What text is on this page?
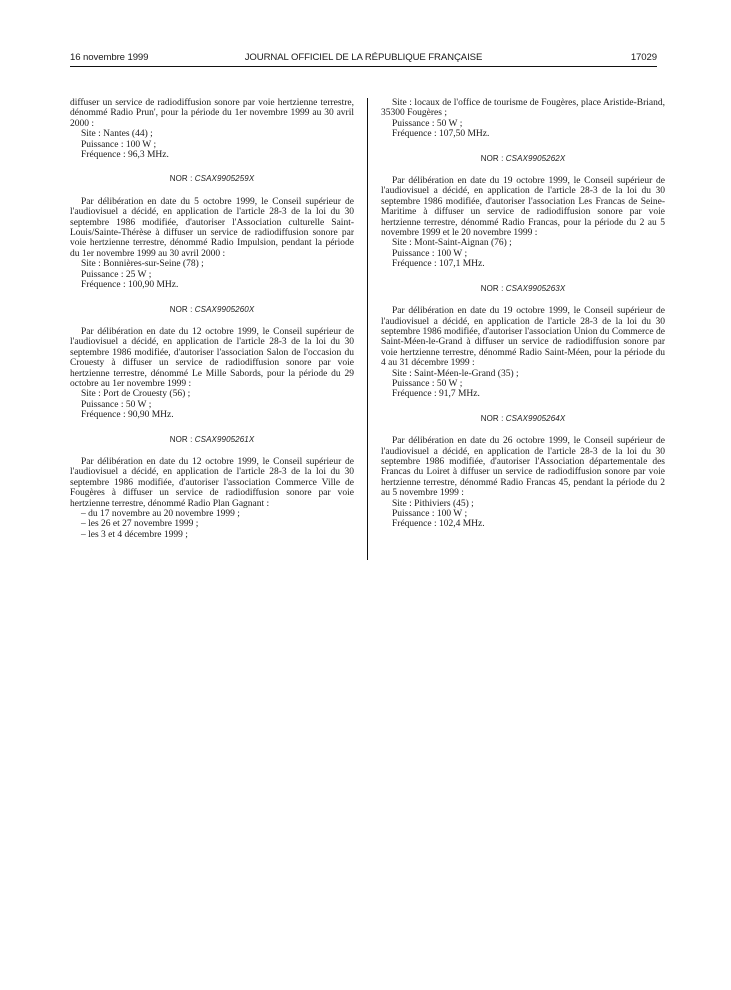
16 novembre 1999	JOURNAL OFFICIEL DE LA RÉPUBLIQUE FRANÇAISE	17029

diffuser un service de radiodiffusion sonore par voie hertzienne terrestre, dénommé Radio Prun', pour la période du 1er novembre 1999 au 30 avril 2000 :

Site : Nantes (44) ;

Puissance : 100 W ;

Fréquence : 96,3 MHz.

NOR : CSAX9905259X

Par délibération en date du 5 octobre 1999, le Conseil supérieur de l'audiovisuel a décidé, en application de l'article 28-3 de la loi du 30 septembre 1986 modifiée, d'autoriser l'Association culturelle Saint-Louis/Sainte-Thérèse à diffuser un service de radiodiffusion sonore par voie hertzienne terrestre, dénommé Radio Impulsion, pendant la période du 1er novembre 1999 au 30 avril 2000 :

Site : Bonnières-sur-Seine (78) ;

Puissance : 25 W ;

Fréquence : 100,90 MHz.

NOR : CSAX9905260X

Par délibération en date du 12 octobre 1999, le Conseil supérieur de l'audiovisuel a décidé, en application de l'article 28-3 de la loi du 30 septembre 1986 modifiée, d'autoriser l'association Salon de l'occasion du Crouesty à diffuser un service de radiodiffusion sonore par voie hertzienne terrestre, dénommé Le Mille Sabords, pour la période du 29 octobre au 1er novembre 1999 :

Site : Port de Crouesty (56) ;

Puissance : 50 W ;

Fréquence : 90,90 MHz.

NOR : CSAX9905261X

Par délibération en date du 12 octobre 1999, le Conseil supérieur de l'audiovisuel a décidé, en application de l'article 28-3 de la loi du 30 septembre 1986 modifiée, d'autoriser l'association Commerce Ville de Fougères à diffuser un service de radiodiffusion sonore par voie hertzienne terrestre, dénommé Radio Plan Gagnant :

– du 17 novembre au 20 novembre 1999 ;

– les 26 et 27 novembre 1999 ;

– les 3 et 4 décembre 1999 ;

Site : locaux de l'office de tourisme de Fougères, place Aristide-Briand, 35300 Fougères ;

Puissance : 50 W ;

Fréquence : 107,50 MHz.

NOR : CSAX9905262X

Par délibération en date du 19 octobre 1999, le Conseil supérieur de l'audiovisuel a décidé, en application de l'article 28-3 de la loi du 30 septembre 1986 modifiée, d'autoriser l'association Les Francas de Seine-Maritime à diffuser un service de radiodiffusion sonore par voie hertzienne terrestre, dénommé Radio Francas, pour la période du 2 au 5 novembre 1999 et le 20 novembre 1999 :

Site : Mont-Saint-Aignan (76) ;

Puissance : 100 W ;

Fréquence : 107,1 MHz.

NOR : CSAX9905263X

Par délibération en date du 19 octobre 1999, le Conseil supérieur de l'audiovisuel a décidé, en application de l'article 28-3 de la loi du 30 septembre 1986 modifiée, d'autoriser l'association Union du Commerce de Saint-Méen-le-Grand à diffuser un service de radiodiffusion sonore par voie hertzienne terrestre, dénommé Radio Saint-Méen, pour la période du 4 au 31 décembre 1999 :

Site : Saint-Méen-le-Grand (35) ;

Puissance : 50 W ;

Fréquence : 91,7 MHz.

NOR : CSAX9905264X

Par délibération en date du 26 octobre 1999, le Conseil supérieur de l'audiovisuel a décidé, en application de l'article 28-3 de la loi du 30 septembre 1986 modifiée, d'autoriser l'Association départementale des Francas du Loiret à diffuser un service de radiodiffusion sonore par voie hertzienne terrestre, dénommé Radio Francas 45, pendant la période du 2 au 5 novembre 1999 :

Site : Pithiviers (45) ;

Puissance : 100 W ;

Fréquence : 102,4 MHz.
